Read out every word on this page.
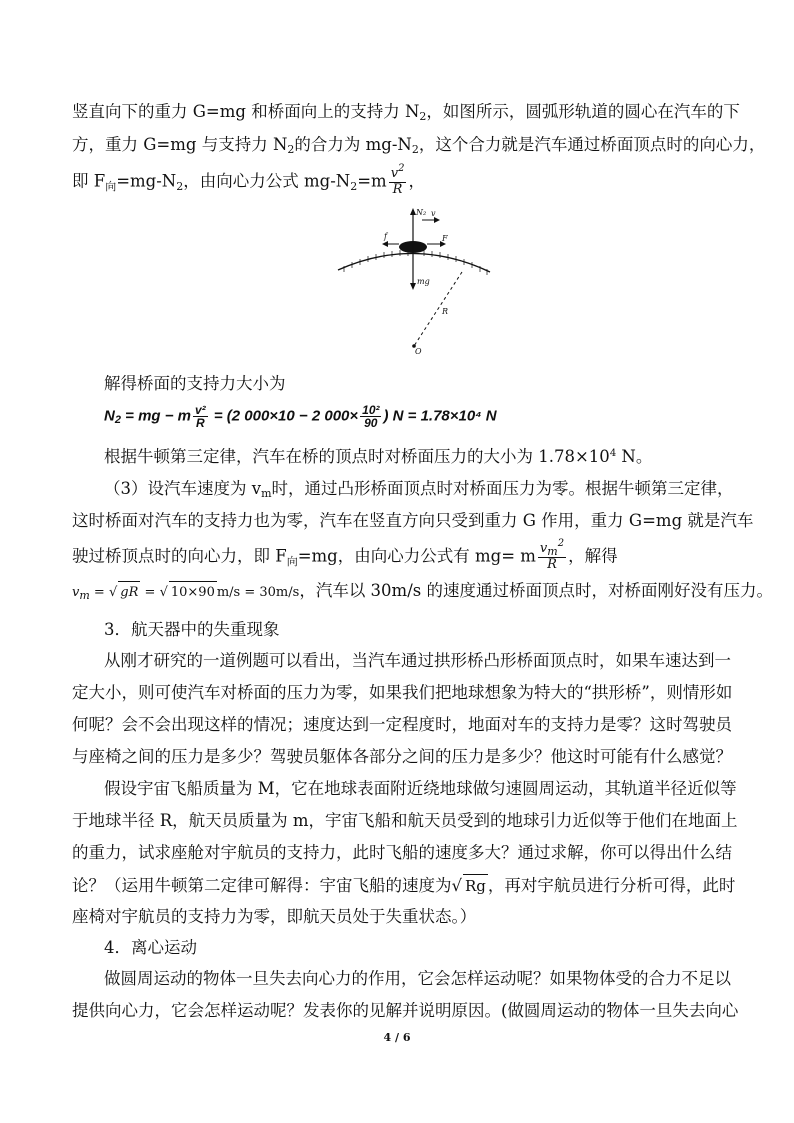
竖直向下的重力 G=mg 和桥面向上的支持力 N2，如图所示，圆弧形轨道的圆心在汽车的下
方，重力 G=mg 与支持力 N2的合力为 mg-N2，这个合力就是汽车通过桥面顶点时的向心力，
即 F向=mg-N2，由向心力公式 $mg-N2=m \frac{v^2}{R}$ ，
N₂ v
f	F
mg
R
O
解得桥面的支持力大小为
$N_2$ = mg − m $\frac{\text{v²}}{R} = (2$ 000×10 − 2 $000\times \frac{\text{10²}}{90}$ ) N = 1.78×10⁴ N
根据牛顿第三定律，汽车在桥的顶点时对桥面压力的大小为 $1.78\times 10^4$ N。
（3）设汽车速度为 vm时，通过凸形桥面顶点时对桥面压力为零。根据牛顿第三定律，
这时桥面对汽车的支持力也为零，汽车在竖直方向只受到重力 G 作用，重力 G=mg 就是汽车
驶过桥顶点时的向心力，即 F向=mg，由向心力公式有 mg= m $\frac{v_m^2}{R}$ ，解得
vm = √ gR = √ 10×90 m/s = 30m/s，汽车以 30m/s 的速度通过桥面顶点时，对桥面刚好没有压力。
3．航天器中的失重现象
从刚才研究的一道例题可以看出，当汽车通过拱形桥凸形桥面顶点时，如果车速达到一
定大小，则可使汽车对桥面的压力为零，如果我们把地球想象为特大的“拱形桥”，则情形如
何呢？会不会出现这样的情况；速度达到一定程度时，地面对车的支持力是零？这时驾驶员
与座椅之间的压力是多少？驾驶员躯体各部分之间的压力是多少？他这时可能有什么感觉？
假设宇宙飞船质量为 M，它在地球表面附近绕地球做匀速圆周运动，其轨道半径近似等
于地球半径 R，航天员质量为 m，宇宙飞船和航天员受到的地球引力近似等于他们在地面上
的重力，试求座舱对宇航员的支持力，此时飞船的速度多大？通过求解，你可以得出什么结
论？（运用牛顿第二定律可解得：宇宙飞船的速度为√ Rg ，再对宇航员进行分析可得，此时
座椅对宇航员的支持力为零，即航天员处于失重状态。）
4．离心运动
做圆周运动的物体一旦失去向心力的作用，它会怎样运动呢？如果物体受的合力不足以
提供向心力，它会怎样运动呢？发表你的见解并说明原因。(做圆周运动的物体一旦失去向心
4 / 6
